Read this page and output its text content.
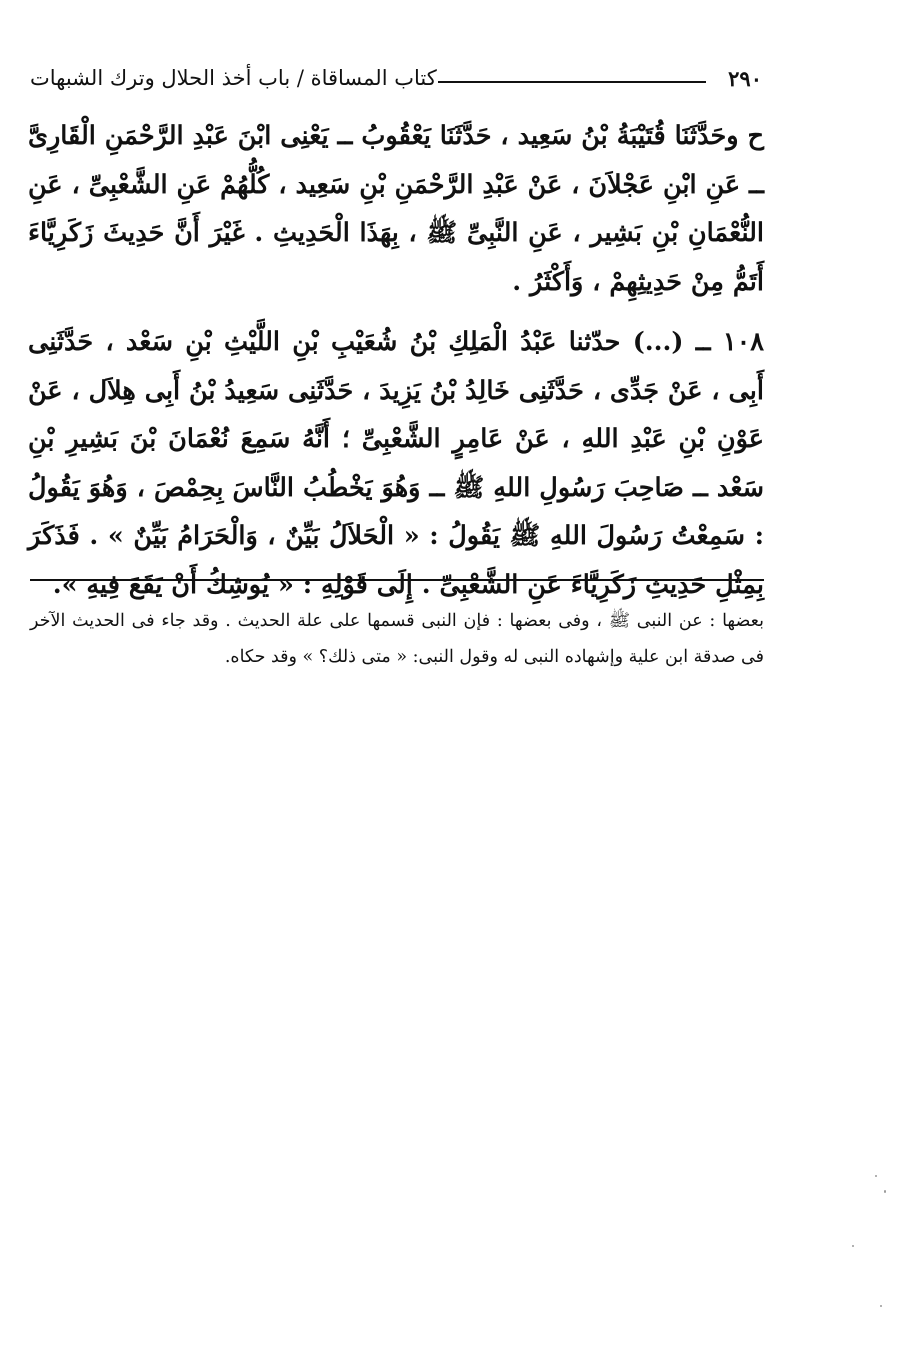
٢٩٠
كتاب المساقاة / باب أخذ الحلال وترك الشبهات

ح وحَدَّثَنَا قُتَيْبَةُ بْنُ سَعِيد ، حَدَّثَنَا يَعْقُوبُ ــ يَعْنِى ابْنَ عَبْدِ الرَّحْمَنِ الْقَارِىَّ ــ عَنِ ابْنِ عَجْلاَنَ ، عَنْ عَبْدِ الرَّحْمَنِ بْنِ سَعِيد ، كُلُّهُمْ عَنِ الشَّعْبِىِّ ، عَنِ النُّعْمَانِ بْنِ بَشِير ، عَنِ النَّبِىِّ ﷺ ، بِهَذَا الْحَدِيثِ . غَيْرَ أَنَّ حَدِيثَ زَكَرِيَّاءَ أَتَمُّ مِنْ حَدِيثِهِمْ ، وَأَكْثَرُ .

١٠٨ ــ (...) حدّثنا عَبْدُ الْمَلِكِ بْنُ شُعَيْبِ بْنِ اللَّيْثِ بْنِ سَعْد ، حَدَّثَنِى أَبِى ، عَنْ جَدِّى ، حَدَّثَنِى خَالِدُ بْنُ يَزِيدَ ، حَدَّثَنِى سَعِيدُ بْنُ أَبِى هِلاَل ، عَنْ عَوْنِ بْنِ عَبْدِ اللهِ ، عَنْ عَامِرٍ الشَّعْبِىِّ ؛ أَنَّهُ سَمِعَ نُعْمَانَ بْنَ بَشِيرِ بْنِ سَعْد ــ صَاحِبَ رَسُولِ اللهِ ﷺ ــ وَهُوَ يَخْطُبُ النَّاسَ بِحِمْصَ ، وَهُوَ يَقُولُ : سَمِعْتُ رَسُولَ اللهِ ﷺ يَقُولُ : « الْحَلاَلُ بَيِّنٌ ، وَالْحَرَامُ بَيِّنٌ » . فَذَكَرَ بِمِثْلِ حَدِيثِ زَكَرِيَّاءَ عَنِ الشَّعْبِىِّ . إِلَى قَوْلِهِ : « يُوشِكُ أَنْ يَقَعَ فِيهِ ».

بعضها : عن النبى ﷺ ، وفى بعضها : فإن النبى قسمها على علة الحديث . وقد جاء فى الحديث الآخر فى صدقة ابن علية وإشهاده النبى له وقول النبى: « متى ذلك؟ » وقد حكاه.
